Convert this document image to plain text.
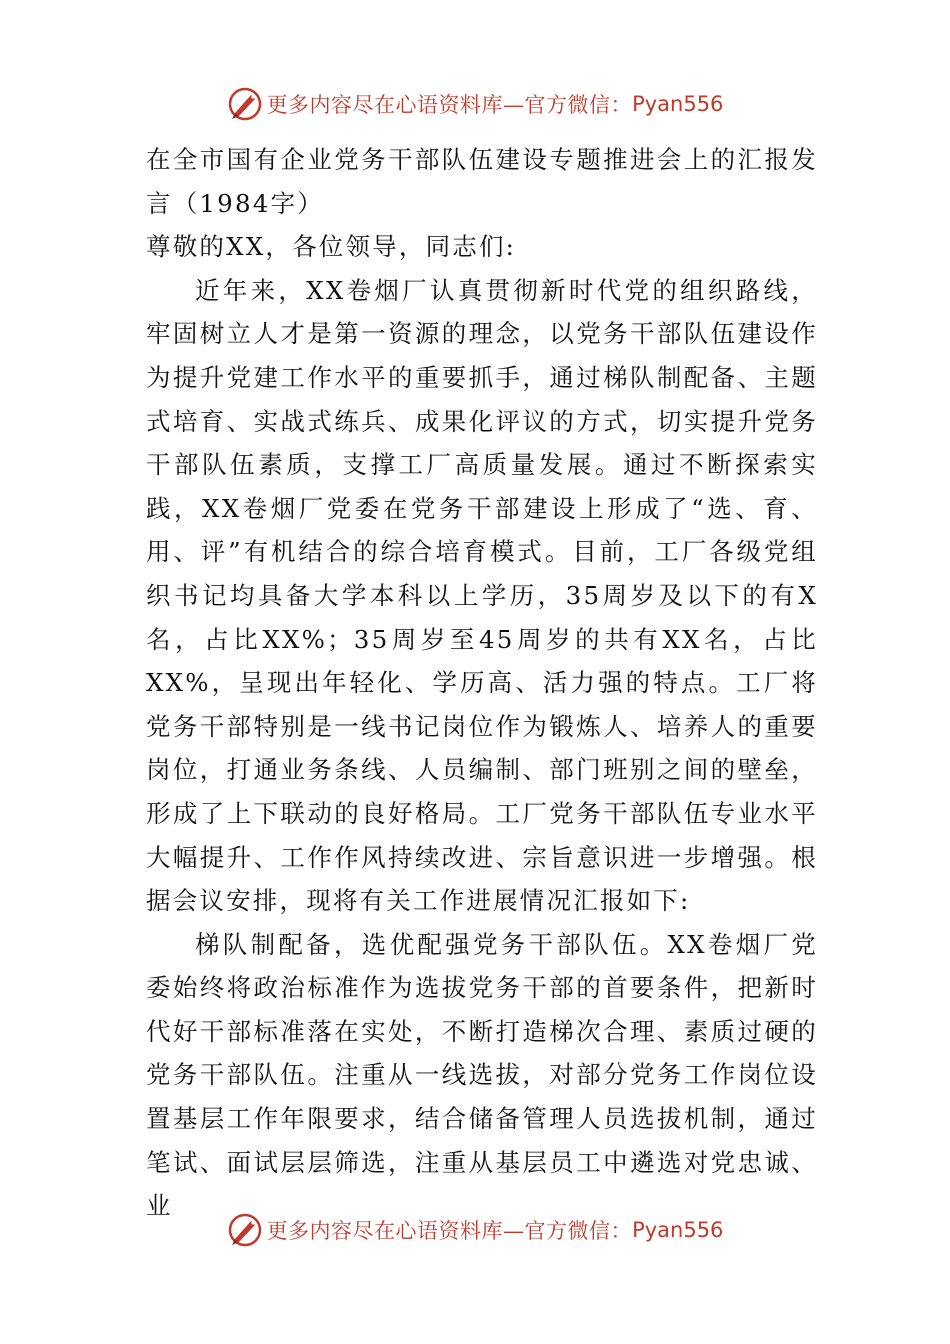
更多内容尽在心语资料库—官方微信： Pyan556

在全市国有企业党务干部队伍建设专题推进会上的汇报发言（1984字）

尊敬的XX，各位领导，同志们:

近年来，XX卷烟厂认真贯彻新时代党的组织路线，牢固树立人才是第一资源的理念，以党务干部队伍建设作为提升党建工作水平的重要抓手，通过梯队制配备、主题式培育、实战式练兵、成果化评议的方式，切实提升党务干部队伍素质，支撑工厂高质量发展。通过不断探索实践，XX卷烟厂党委在党务干部建设上形成了“选、育、用、评”有机结合的综合培育模式。目前，工厂各级党组织书记均具备大学本科以上学历，35周岁及以下的有X名，占比XX%；35周岁至45周岁的共有XX名，占比XX%，呈现出年轻化、学历高、活力强的特点。工厂将党务干部特别是一线书记岗位作为锻炼人、培养人的重要岗位，打通业务条线、人员编制、部门班别之间的壁垒，形成了上下联动的良好格局。工厂党务干部队伍专业水平大幅提升、工作作风持续改进、宗旨意识进一步增强。根据会议安排，现将有关工作进展情况汇报如下:

梯队制配备，选优配强党务干部队伍。XX卷烟厂党委始终将政治标准作为选拔党务干部的首要条件，把新时代好干部标准落在实处，不断打造梯次合理、素质过硬的党务干部队伍。注重从一线选拔，对部分党务工作岗位设置基层工作年限要求，结合储备管理人员选拔机制，通过笔试、面试层层筛选，注重从基层员工中遴选对党忠诚、业

更多内容尽在心语资料库—官方微信： Pyan556
